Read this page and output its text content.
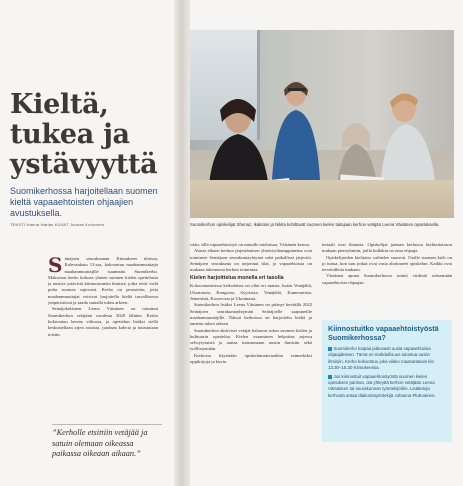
Kieltä,
tukea ja
ystävyyttä
Suomikerhossa harjoitellaan suomen kieltä vapaaehtoisten ohjaajien avustuksella.
TEKSTI Hanna Harlan KUVAT Joonas Korhonen	Suomikerhon opiskelijat Shenaz, Ikaksian ja Nikita kohittavät suomen kielen taitojaan kerhon vetäjän Leena Väisäsen opastuksella.

Siinäjoen seurakunnan Kiimukeen tiloissa, Kalevankatu 12:ssa, kokoontuu maahanmuuttajia maahanmuuttajille suunnattu Suomikerho. Maksuton kerho kokoaa yhteen suomen kielen opettelusta ja uusista ystävistä kiinnostuneita ihmisiä, jotka eivät vielä puhu suomea sujuvasti. Kerho on perustettu, jotta maahanmuuttajat voisivat harjoitella kieltä turvallisessa ympäristössä ja saada samalla tukea arkeen.

Seinäjokelainen Leena Väisänen on toiminut Suomikerhon vetäjänä vuodesta 2020 lähtien. Kerho kokoontuu kerran viikossa, ja opettelun lisäksi siellä keskustellaan arjen asioista, juodaan kahvia ja tutustutaan toisiin.

”Kerholle etsittiin vetäjää ja satuin olemaan oikeassa paikassa oikeaan aikaan.”

vään, sillä vapaaehtoistyö on minulle mieluisaa, Väisänen kertoo.

Alusta alkaen kerhon järjestämisen yhteistyökumppaneina ovat toimineet Seinäjoen seurakuntayhtymä sekä paikalliset järjestöt. Seinäjoen seurakunta on tarjonnut tilat, ja vapaaehtoisia on mukana tukemassa kerhon toimintaa.

Kielen harjoittelua monella eri tasolla

Kokoontumisissa kerholaisia on ollut eri maista, kuten Venäjältä, Ukrainasta, Kongosta, Syyriasta, Venäjältä, Kamerunista, Jemenistä, Kosovosta ja Ukrainasta.

Suomikerhon lisäksi Leena Väisänen on pitänyt keväällä 2022 Seinäjoen seurakuntayhtymän Seinäjoelle saapuneille maahanmuuttajille. Näissä kerhoissa on harjoiteltu kieltä ja annettu tukea arkeen.

Suomikerhon aktiiviset vetäjät haluavat tukea suomen kielen ja kulttuurin opettelua. Kielen osaaminen helpottaa arjessa selviytymistä ja auttaa tutustumaan uusiin ihmisiin sekä työllistymään.

Kerhossa käytetään opiskelumateriaalina esimerkiksi oppikirjoja ja kuvia.

teriaali ovat ilmaisia. Opiskelijat jaetaan kerhossa kielitaitotason mukaan pienryhmiin, joilla kullakin on oma ohjaaja.

Opiskelijoiden kielitaito vaihtelee suuresti. Osalle suomen kieli on jo tuttua, kun taas jotkut ovat vasta aloittaneet opiskelun. Kaikki ovat tervetulleita mukaan.

Väisänen apuna Suomikerhossa toimii viidestä seitsemään vapaaehtoista ohjaajaa.

Kiinnostuitko vapaaehtoistyöstä Suomikerhossa?

Suomikerho kaipaa jatkuvasti uusia vapaaehtoisia ohjaajakseen. Tämä on mahdollisuus tutustua uusiin ihmisiin. Kerho kokoontuu joka viikko maanantaisin klo 13.30–15.30 Kiimukeessa.

Jos kiinnostuit vapaaehtoistyöstä suomen kielen opetuksen parissa, ota yhteyttä kerhon vetäjään Leena Väisäseen tai seurakunnan työntekijöihin. Lisätietoja kerhosta antaa diakoniatyöntekijä Johanna Pluhoainen.
